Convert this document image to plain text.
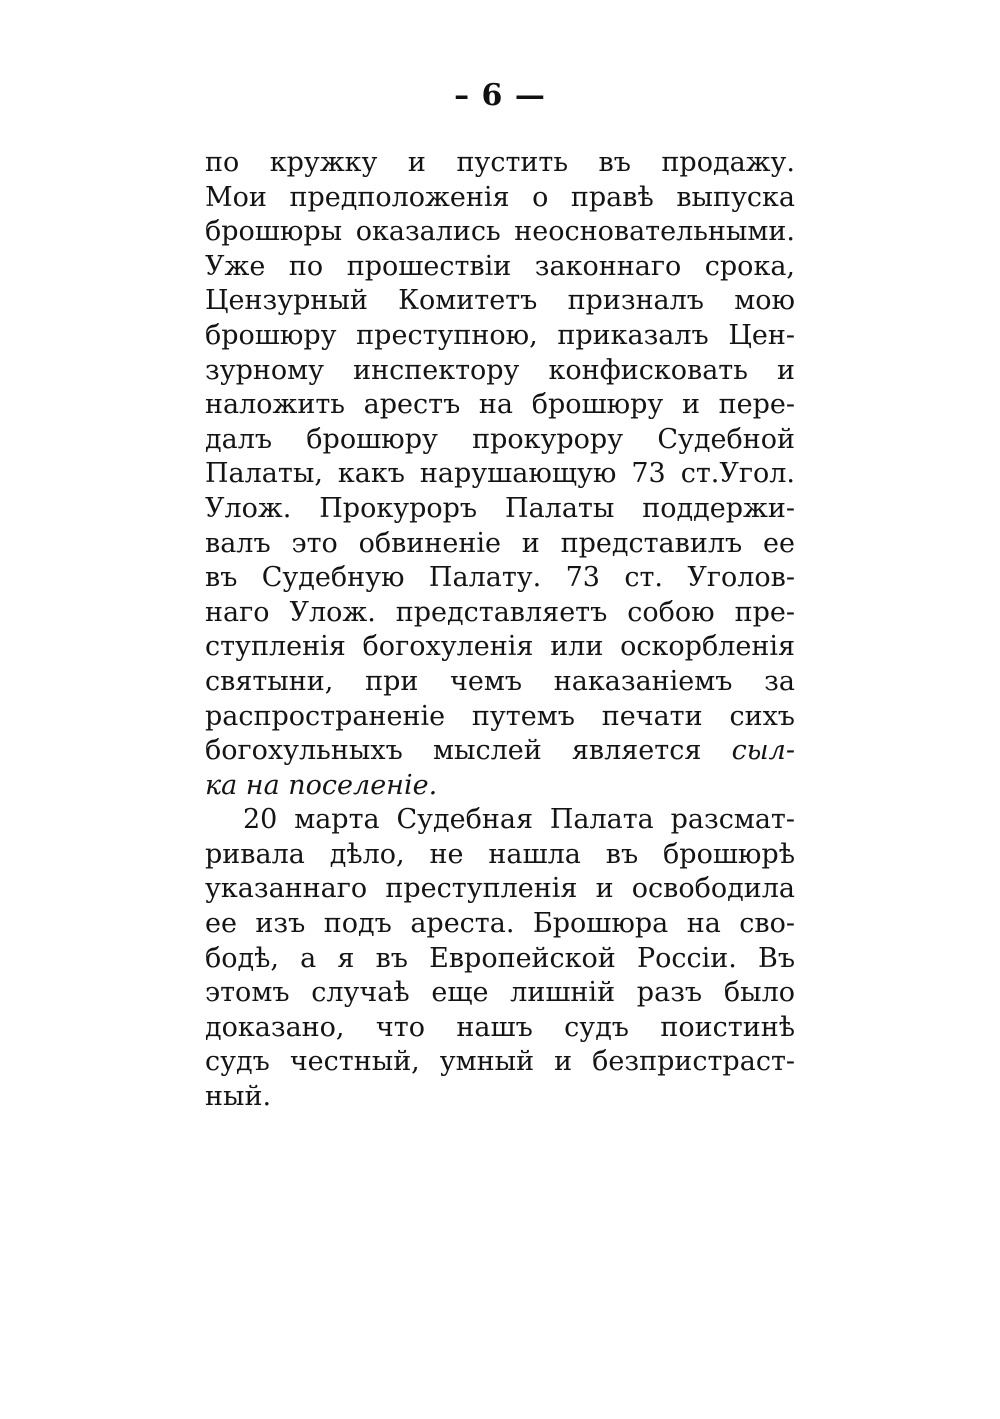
– 6 —
по кружку и пустить въ продажу.
Мои предположенія о правѣ выпуска
брошюры оказались неосновательными.
Уже по прошествіи законнаго срока,
Цензурный Комитетъ призналъ мою
брошюру преступною, приказалъ Цен-
зурному инспектору конфисковать и
наложить арестъ на брошюру и пере-
далъ брошюру прокурору Судебной
Палаты, какъ нарушающую 73 ст.Угол.
Улож. Прокуроръ Палаты поддержи-
валъ это обвиненіе и представилъ ее
въ Судебную Палату. 73 ст. Уголов-
наго Улож. представляетъ собою пре-
ступленія богохуленія или оскорбленія
святыни, при чемъ наказаніемъ за
распространеніе путемъ печати сихъ
богохульныхъ мыслей является сыл-
ка на поселеніе.
20 марта Судебная Палата разсмат-
ривала дѣло, не нашла въ брошюрѣ
указаннаго преступленія и освободила
ее изъ подъ ареста. Брошюра на сво-
бодѣ, а я въ Европейской Россіи. Въ
этомъ случаѣ еще лишній разъ было
доказано, что нашъ судъ поистинѣ
судъ честный, умный и безпристраст-
ный.
